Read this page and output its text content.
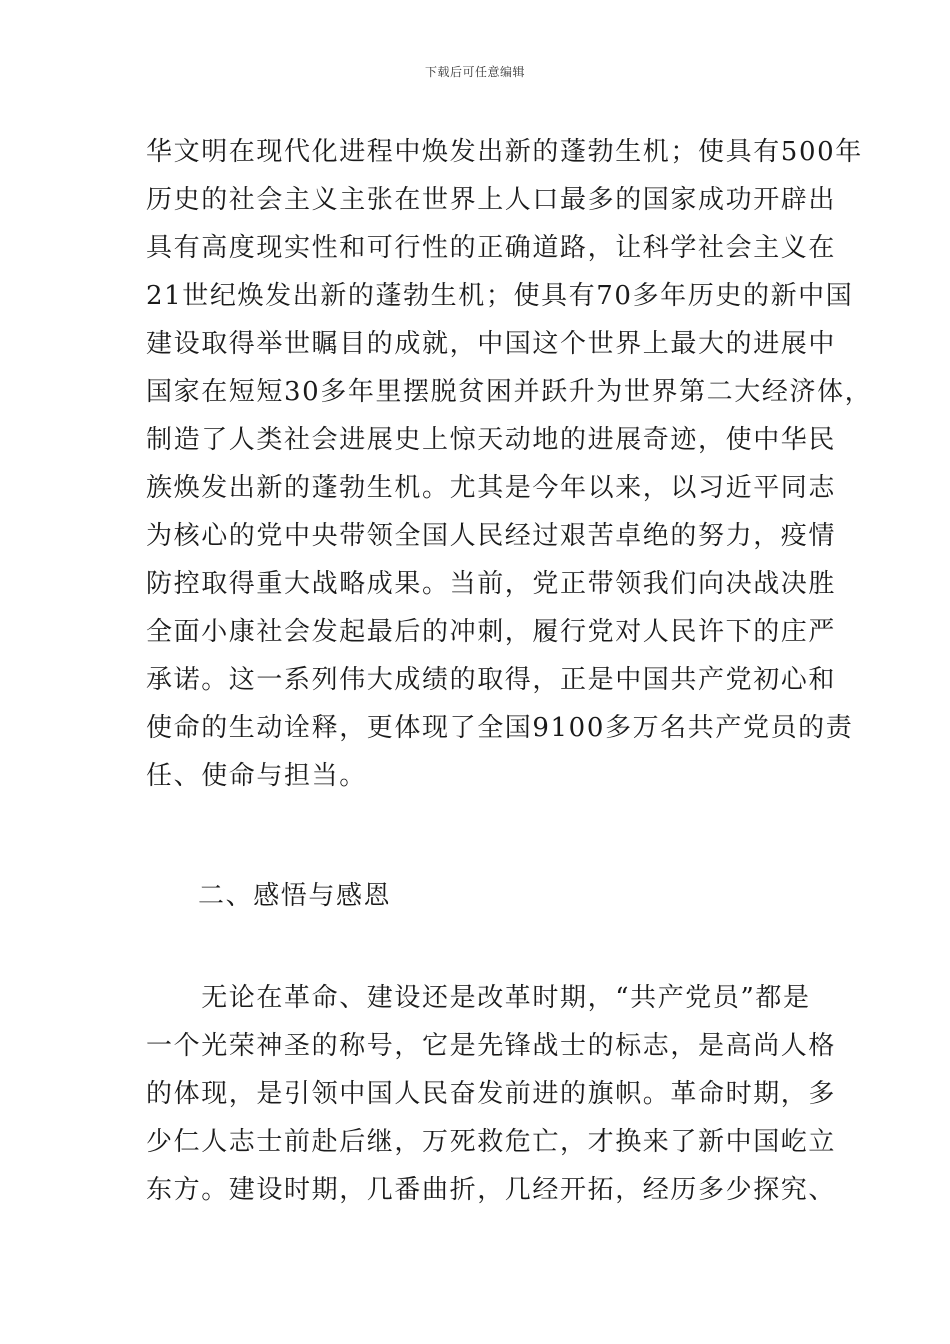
下载后可任意编辑
华文明在现代化进程中焕发出新的蓬勃生机；使具有500年
历史的社会主义主张在世界上人口最多的国家成功开辟出
具有高度现实性和可行性的正确道路，让科学社会主义在
21世纪焕发出新的蓬勃生机；使具有70多年历史的新中国
建设取得举世瞩目的成就，中国这个世界上最大的进展中
国家在短短30多年里摆脱贫困并跃升为世界第二大经济体，
制造了人类社会进展史上惊天动地的进展奇迹，使中华民
族焕发出新的蓬勃生机。尤其是今年以来，以习近平同志
为核心的党中央带领全国人民经过艰苦卓绝的努力，疫情
防控取得重大战略成果。当前，党正带领我们向决战决胜
全面小康社会发起最后的冲刺，履行党对人民许下的庄严
承诺。这一系列伟大成绩的取得，正是中国共产党初心和
使命的生动诠释，更体现了全国9100多万名共产党员的责
任、使命与担当。
二、感悟与感恩
　　无论在革命、建设还是改革时期，“共产党员”都是
一个光荣神圣的称号，它是先锋战士的标志，是高尚人格
的体现，是引领中国人民奋发前进的旗帜。革命时期，多
少仁人志士前赴后继，万死救危亡，才换来了新中国屹立
东方。建设时期，几番曲折，几经开拓，经历多少探究、
